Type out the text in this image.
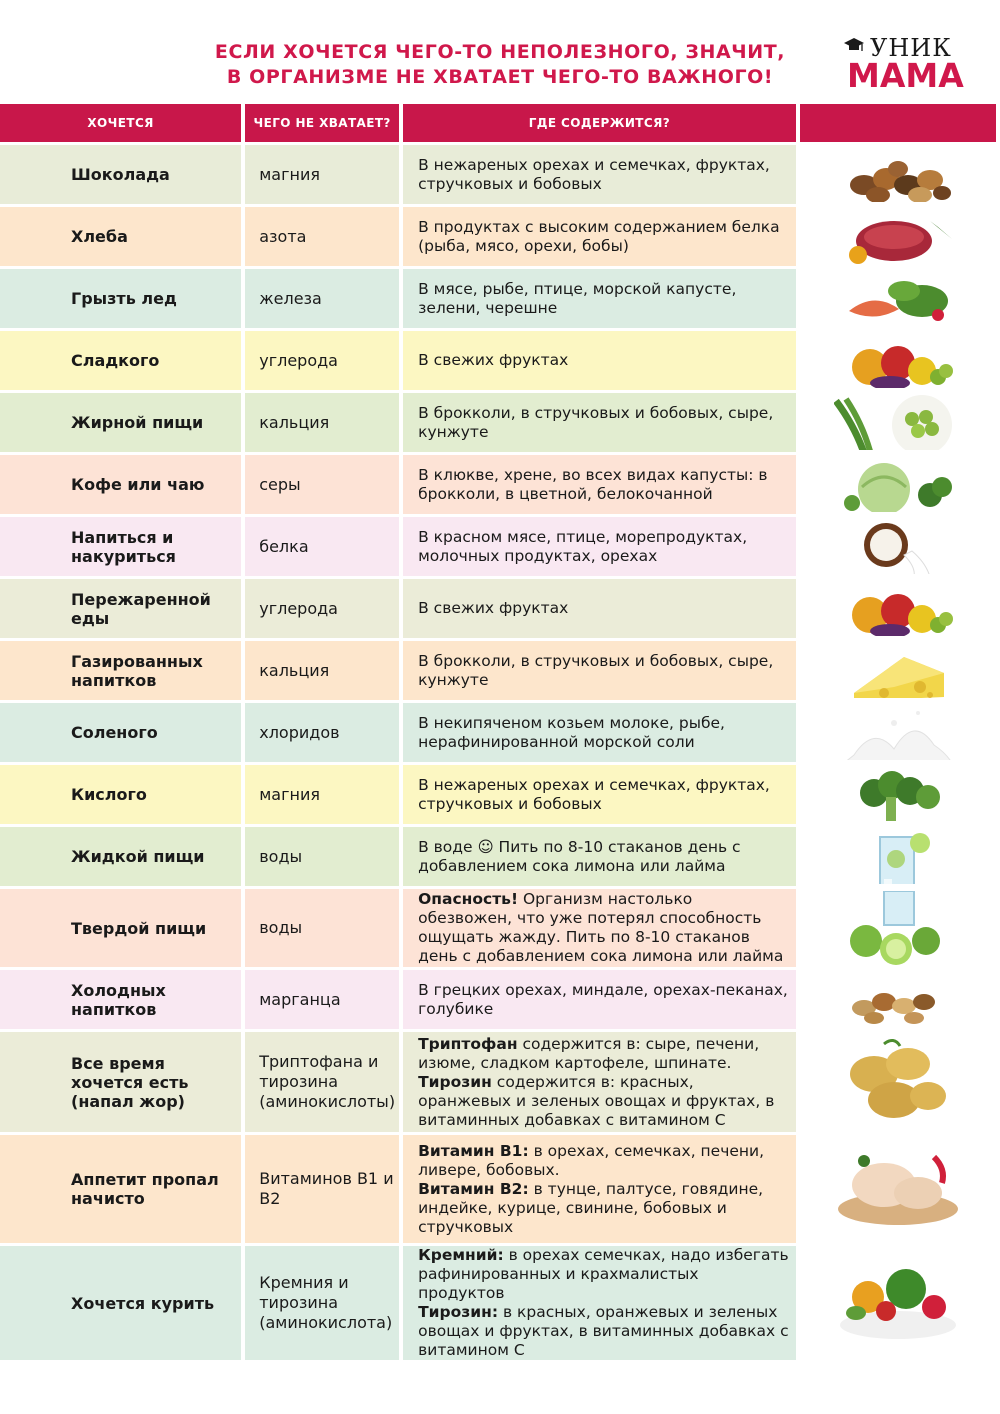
ЕСЛИ ХОЧЕТСЯ ЧЕГО-ТО НЕПОЛЕЗНОГО, ЗНАЧИТ,
В ОРГАНИЗМЕ НЕ ХВАТАЕТ ЧЕГО-ТО ВАЖНОГО!
УНИК
МАМА
ХОЧЕТСЯ	ЧЕГО НЕ ХВАТАЕТ?	ГДЕ СОДЕРЖИТСЯ?	
Шоколада	магния	В нежареных орехах и семечках, фруктах, стручковых и бобовых	

Хлеба	азота	В продуктах с высоким содержанием белка (рыба, мясо, орехи, бобы)	

Грызть лед	железа	В мясе, рыбе, птице, морской капусте, зелени, черешне	

Сладкого	углерода	В свежих фруктах	

Жирной пищи	кальция	В брокколи, в стручковых и бобовых, сыре, кунжуте	

Кофе или чаю	серы	В клюкве, хрене, во всех видах капусты: в брокколи, в цветной, белокочанной	

Напиться и накуриться	белка	В красном мясе, птице, морепродуктах, молочных продуктах, орехах	

Пережаренной еды	углерода	В свежих фруктах	

Газированных напитков	кальция	В брокколи, в стручковых и бобовых, сыре, кунжуте	

Соленого	хлоридов	В некипяченом козьем молоке, рыбе, нерафинированной морской соли	

Кислого	магния	В нежареных орехах и семечках, фруктах, стручковых и бобовых	

Жидкой пищи	воды	В воде ☺ Пить по 8-10 стаканов день с добавлением сока лимона или лайма	

Твердой пищи	воды	Опасность! Организм настолько обезвожен, что уже потерял способность ощущать жажду. Пить по 8-10 стаканов день с добавлением сока лимона или лайма	

Холодных напитков	марганца	В грецких орехах, миндале, орехах-пеканах, голубике	

Все время хочется есть (напал жор)	Триптофана и тирозина (аминокислоты)	Триптофан содержится в: сыре, печени, изюме, сладком картофеле, шпинате.
Тирозин содержится в: красных, оранжевых и зеленых овощах и фруктах, в витаминных добавках с витамином С

Аппетит пропал начисто	Витаминов В1 и В2	Витамин В1: в орехах, семечках, печени, ливере, бобовых.
Витамин В2: в тунце, палтусе, говядине, индейке, курице, свинине, бобовых и стручковых

Хочется курить	Кремния и тирозина (аминокислота)	Кремний: в орехах семечках, надо избегать рафинированных и крахмалистых продуктов
Тирозин: в красных, оранжевых и зеленых овощах и фруктах, в витаминных добавках с витамином С
